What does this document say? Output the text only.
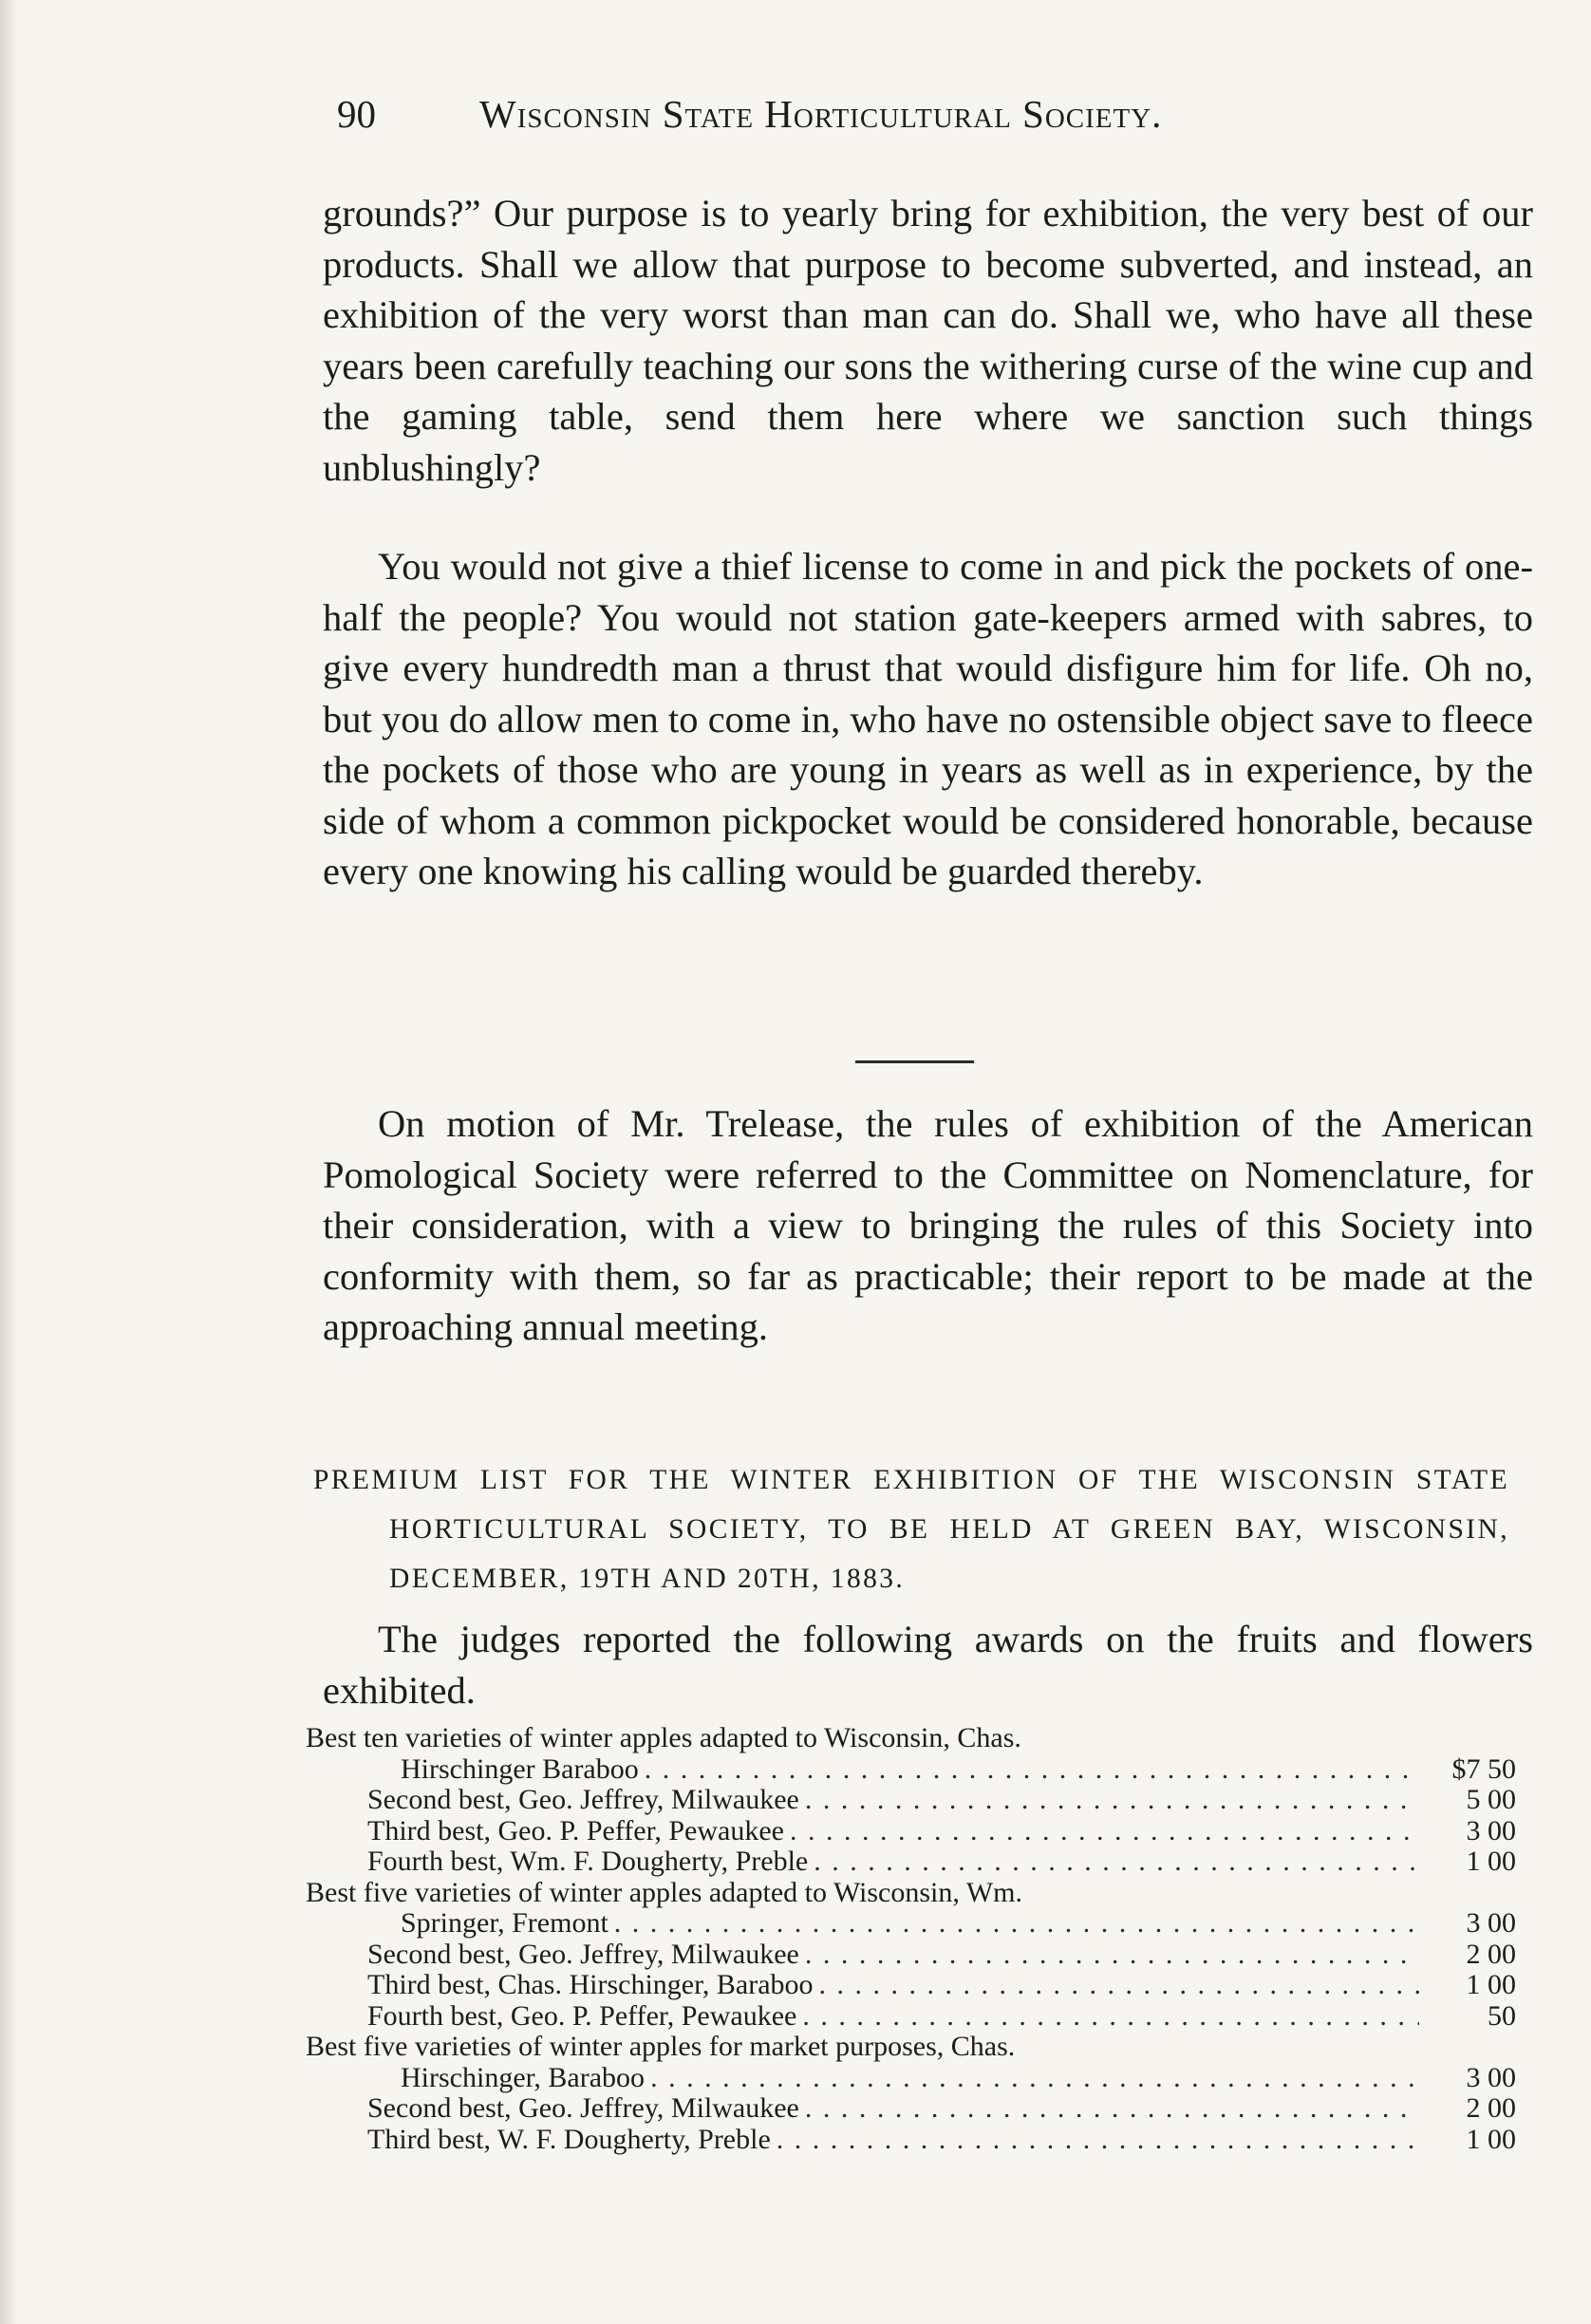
90	Wisconsin State Horticultural Society.

grounds?” Our purpose is to yearly bring for exhibition, the very best of our products. Shall we allow that purpose to become subverted, and instead, an exhibition of the very worst than man can do. Shall we, who have all these years been carefully teaching our sons the withering curse of the wine cup and the gaming table, send them here where we sanction such things unblushingly?

You would not give a thief license to come in and pick the pockets of one-half the people? You would not station gate-keepers armed with sabres, to give every hundredth man a thrust that would disfigure him for life. Oh no, but you do allow men to come in, who have no ostensible object save to fleece the pockets of those who are young in years as well as in experience, by the side of whom a common pickpocket would be considered honorable, because every one knowing his calling would be guarded thereby.

On motion of Mr. Trelease, the rules of exhibition of the American Pomological Society were referred to the Committee on Nomenclature, for their consideration, with a view to bringing the rules of this Society into conformity with them, so far as practicable; their report to be made at the approaching annual meeting.

PREMIUM LIST FOR THE WINTER EXHIBITION OF THE WISCONSIN STATE HORTICULTURAL SOCIETY, TO BE HELD AT GREEN BAY, WISCONSIN, DECEMBER, 19TH AND 20TH, 1883.

The judges reported the following awards on the fruits and flowers exhibited.

Best ten varieties of winter apples adapted to Wisconsin, Chas.
Hirschinger Baraboo . . .	$7 50
Second best, Geo. Jeffrey, Milwaukee . . .	5 00
Third best, Geo. P. Peffer, Pewaukee . . .	3 00
Fourth best, Wm. F. Dougherty, Preble . . .	1 00
Best five varieties of winter apples adapted to Wisconsin, Wm.
Springer, Fremont . . .	3 00
Second best, Geo. Jeffrey, Milwaukee . . .	2 00
Third best, Chas. Hirschinger, Baraboo . . .	1 00
Fourth best, Geo. P. Peffer, Pewaukee . . .	50
Best five varieties of winter apples for market purposes, Chas.
Hirschinger, Baraboo . . .	3 00
Second best, Geo. Jeffrey, Milwaukee . . .	2 00
Third best, W. F. Dougherty, Preble . . .	1 00
